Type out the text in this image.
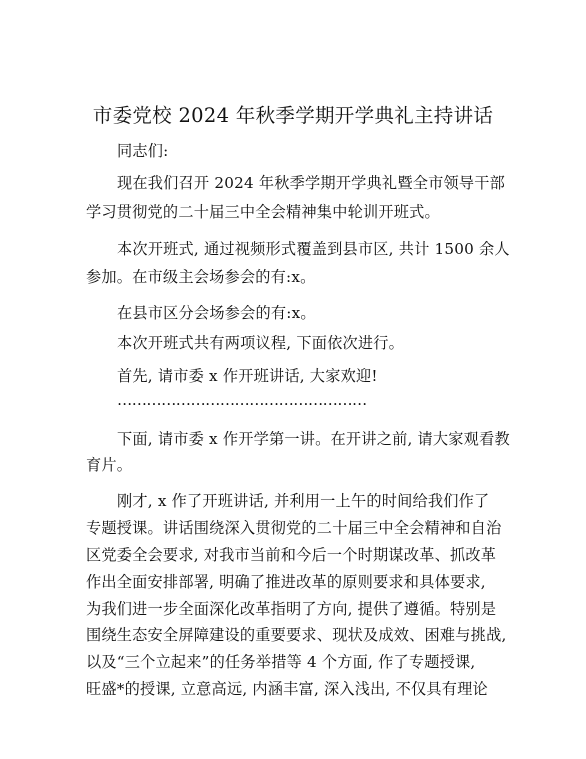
市委党校 2024 年秋季学期开学典礼主持讲话
同志们:
现在我们召开 2024 年秋季学期开学典礼暨全市领导干部
学习贯彻党的二十届三中全会精神集中轮训开班式。
本次开班式, 通过视频形式覆盖到县市区, 共计 1500 余人
参加。在市级主会场参会的有:x。
在县市区分会场参会的有:x。
本次开班式共有两项议程, 下面依次进行。
首先, 请市委 x 作开班讲话, 大家欢迎!
……………………………………………
下面, 请市委 x 作开学第一讲。在开讲之前, 请大家观看教
育片。
刚才, x 作了开班讲话, 并利用一上午的时间给我们作了
专题授课。讲话围绕深入贯彻党的二十届三中全会精神和自治
区党委全会要求, 对我市当前和今后一个时期谋改革、抓改革
作出全面安排部署, 明确了推进改革的原则要求和具体要求,
为我们进一步全面深化改革指明了方向, 提供了遵循。特别是
围绕生态安全屏障建设的重要要求、现状及成效、困难与挑战,
以及“三个立起来”的任务举措等 4 个方面, 作了专题授课,
旺盛*的授课, 立意高远, 内涵丰富, 深入浅出, 不仅具有理论
